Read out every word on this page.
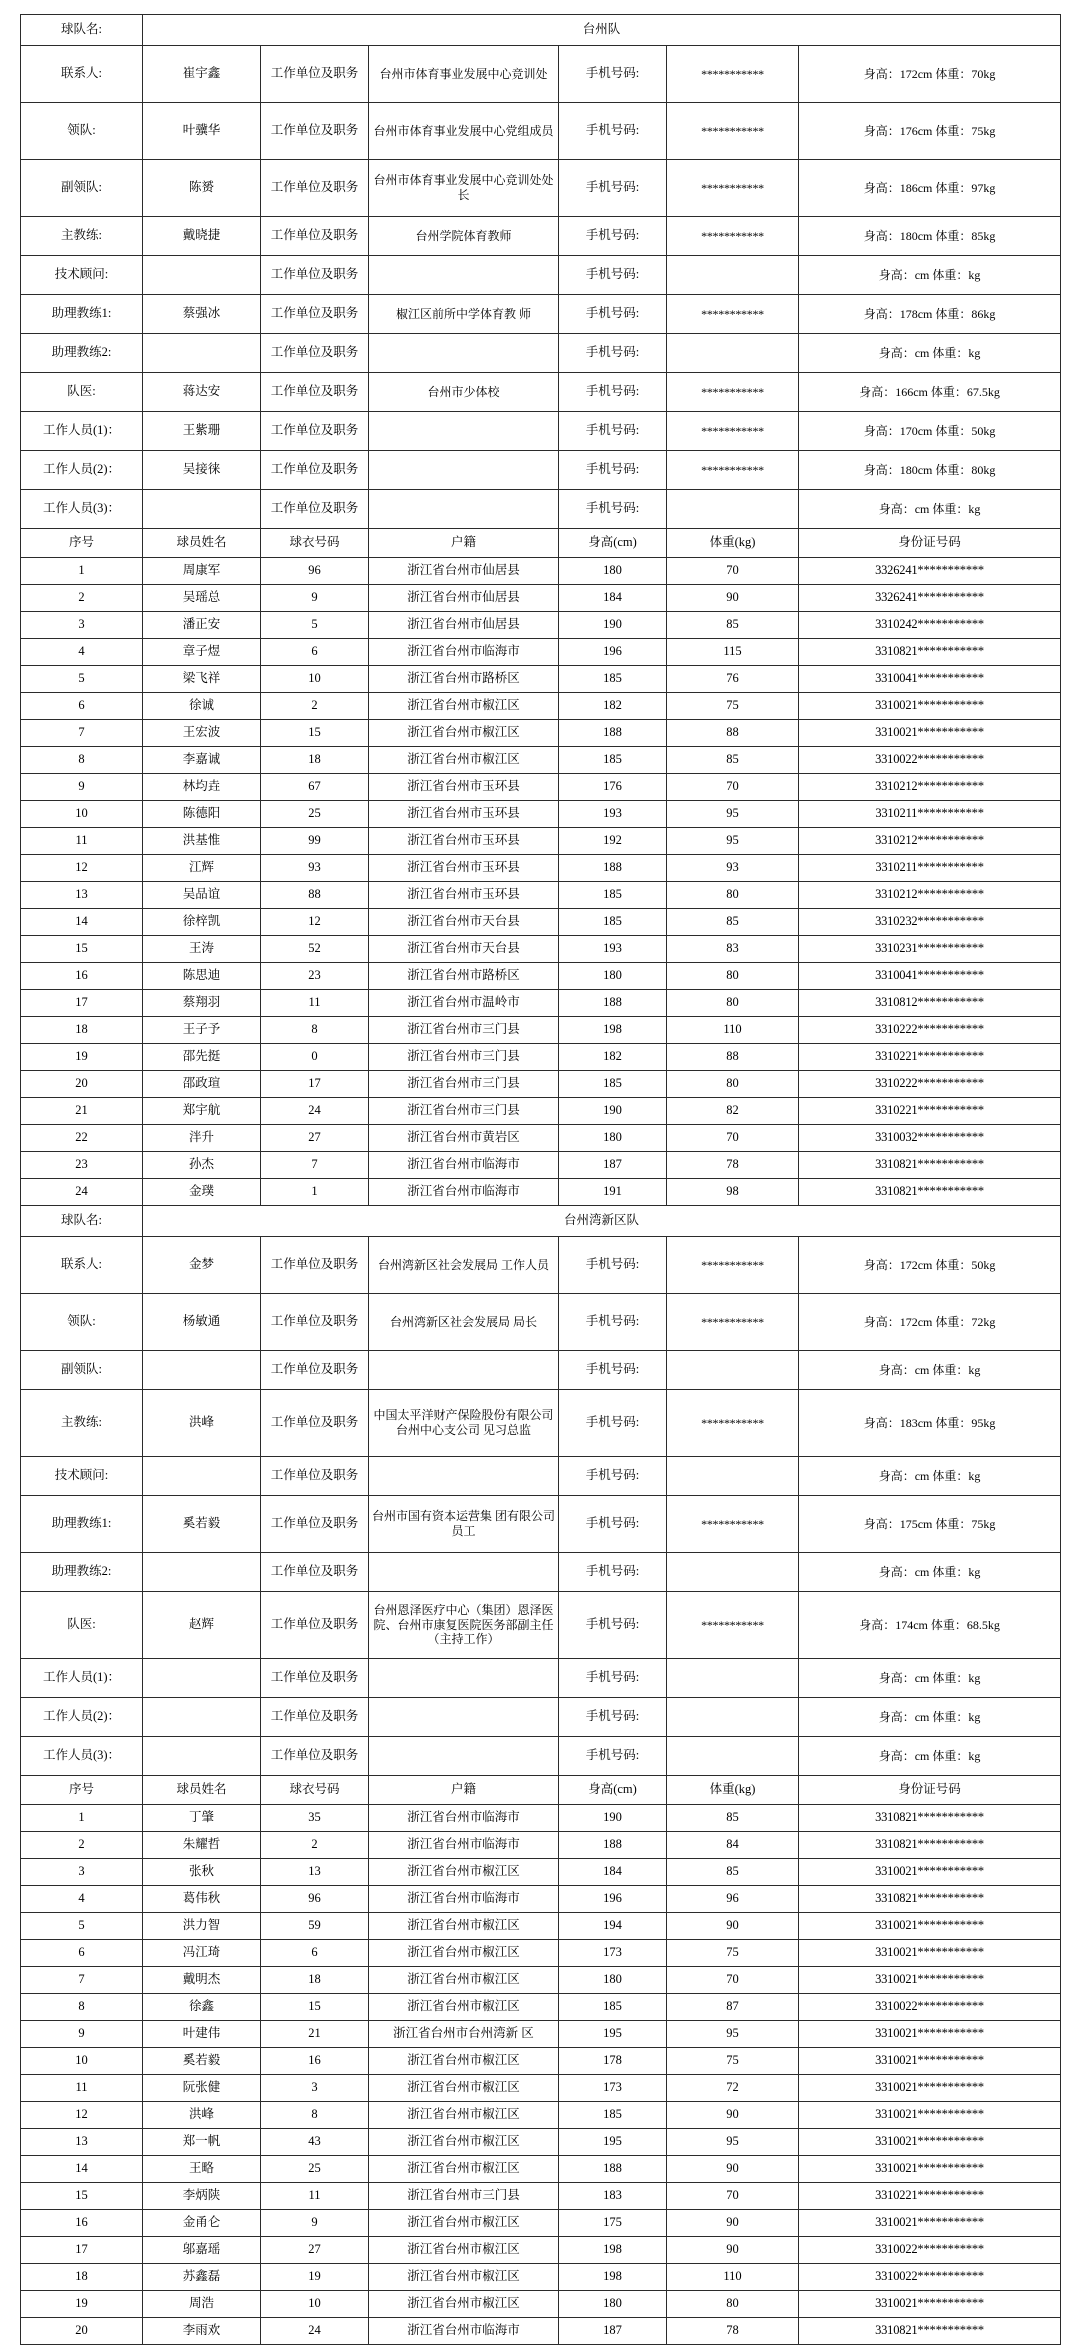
球队名:	台州队					
联系人:	崔宇鑫	工作单位及职务	台州市体育事业发展中心竞训处	手机号码:	***********	身高：172cm 体重：70kg
领队:	叶骥华	工作单位及职务	台州市体育事业发展中心党组成员	手机号码:	***********	身高：176cm 体重：75kg
副领队:	陈赟	工作单位及职务	台州市体育事业发展中心竞训处处长	手机号码:	***********	身高：186cm 体重：97kg
主教练:	戴晓捷	工作单位及职务	台州学院体育教师	手机号码:	***********	身高：180cm 体重：85kg
技术顾问:		工作单位及职务		手机号码:		身高：cm 体重：kg
助理教练1:	蔡强冰	工作单位及职务	椒江区前所中学体育教 师	手机号码:	***********	身高：178cm 体重：86kg
助理教练2:		工作单位及职务		手机号码:		身高：cm 体重：kg
队医:	蒋达安	工作单位及职务	台州市少体校	手机号码:	***********	身高：166cm 体重：67.5kg
工作人员(1)：	王紫珊	工作单位及职务		手机号码:	***********	身高：170cm 体重：50kg
工作人员(2)：	吴接徕	工作单位及职务		手机号码:	***********	身高：180cm 体重：80kg
工作人员(3)：		工作单位及职务		手机号码:		身高：cm 体重：kg
序号	球员姓名	球衣号码	户籍	身高(cm)	体重(kg)	身份证号码
1	周康军	96	浙江省台州市仙居县	180	70	3326241***********
2	吴瑶总	9	浙江省台州市仙居县	184	90	3326241***********
3	潘正安	5	浙江省台州市仙居县	190	85	3310242***********
4	章子煜	6	浙江省台州市临海市	196	115	3310821***********
5	梁飞祥	10	浙江省台州市路桥区	185	76	3310041***********
6	徐诚	2	浙江省台州市椒江区	182	75	3310021***********
7	王宏波	15	浙江省台州市椒江区	188	88	3310021***********
8	李嘉诚	18	浙江省台州市椒江区	185	85	3310022***********
9	林均垚	67	浙江省台州市玉环县	176	70	3310212***********
10	陈德阳	25	浙江省台州市玉环县	193	95	3310211***********
11	洪基惟	99	浙江省台州市玉环县	192	95	3310212***********
12	江辉	93	浙江省台州市玉环县	188	93	3310211***********
13	吴品谊	88	浙江省台州市玉环县	185	80	3310212***********
14	徐梓凯	12	浙江省台州市天台县	185	85	3310232***********
15	王涛	52	浙江省台州市天台县	193	83	3310231***********
16	陈思迪	23	浙江省台州市路桥区	180	80	3310041***********
17	蔡翔羽	11	浙江省台州市温岭市	188	80	3310812***********
18	王子予	8	浙江省台州市三门县	198	110	3310222***********
19	邵先挺	0	浙江省台州市三门县	182	88	3310221***********
20	邵政瑄	17	浙江省台州市三门县	185	80	3310222***********
21	郑宇航	24	浙江省台州市三门县	190	82	3310221***********
22	泮升	27	浙江省台州市黄岩区	180	70	3310032***********
23	孙杰	7	浙江省台州市临海市	187	78	3310821***********
24	金璞	1	浙江省台州市临海市	191	98	3310821***********
球队名:	台州湾新区队					
联系人:	金梦	工作单位及职务	台州湾新区社会发展局 工作人员	手机号码:	***********	身高：172cm 体重：50kg
领队:	杨敏通	工作单位及职务	台州湾新区社会发展局 局长	手机号码:	***********	身高：172cm 体重：72kg
副领队:		工作单位及职务		手机号码:		身高：cm 体重：kg
主教练:	洪峰	工作单位及职务	中国太平洋财产保险股份有限公司台州中心支公司 见习总监	手机号码:	***********	身高：183cm 体重：95kg
技术顾问:		工作单位及职务		手机号码:		身高：cm 体重：kg
助理教练1:	奚若毅	工作单位及职务	台州市国有资本运营集 团有限公司 员工	手机号码:	***********	身高：175cm 体重：75kg
助理教练2:		工作单位及职务		手机号码:		身高：cm 体重：kg
队医:	赵辉	工作单位及职务	台州恩泽医疗中心（集团）恩泽医院、台州市康复医院医务部副主任（主持工作）	手机号码:	***********	身高：174cm 体重：68.5kg
工作人员(1)：		工作单位及职务		手机号码:		身高：cm 体重：kg
工作人员(2)：		工作单位及职务		手机号码:		身高：cm 体重：kg
工作人员(3)：		工作单位及职务		手机号码:		身高：cm 体重：kg
序号	球员姓名	球衣号码	户籍	身高(cm)	体重(kg)	身份证号码
1	丁肇	35	浙江省台州市临海市	190	85	3310821***********
2	朱耀哲	2	浙江省台州市临海市	188	84	3310821***********
3	张秋	13	浙江省台州市椒江区	184	85	3310021***********
4	葛伟秋	96	浙江省台州市临海市	196	96	3310821***********
5	洪力智	59	浙江省台州市椒江区	194	90	3310021***********
6	冯江琦	6	浙江省台州市椒江区	173	75	3310021***********
7	戴明杰	18	浙江省台州市椒江区	180	70	3310021***********
8	徐鑫	15	浙江省台州市椒江区	185	87	3310022***********
9	叶建伟	21	浙江省台州市台州湾新 区	195	95	3310021***********
10	奚若毅	16	浙江省台州市椒江区	178	75	3310021***********
11	阮张健	3	浙江省台州市椒江区	173	72	3310021***********
12	洪峰	8	浙江省台州市椒江区	185	90	3310021***********
13	郑一帆	43	浙江省台州市椒江区	195	95	3310021***********
14	王略	25	浙江省台州市椒江区	188	90	3310021***********
15	李炳陕	11	浙江省台州市三门县	183	70	3310221***********
16	金甬仑	9	浙江省台州市椒江区	175	90	3310021***********
17	邬嘉瑶	27	浙江省台州市椒江区	198	90	3310022***********
18	苏鑫磊	19	浙江省台州市椒江区	198	110	3310022***********
19	周浩	10	浙江省台州市椒江区	180	80	3310021***********
20	李雨欢	24	浙江省台州市临海市	187	78	3310821***********
